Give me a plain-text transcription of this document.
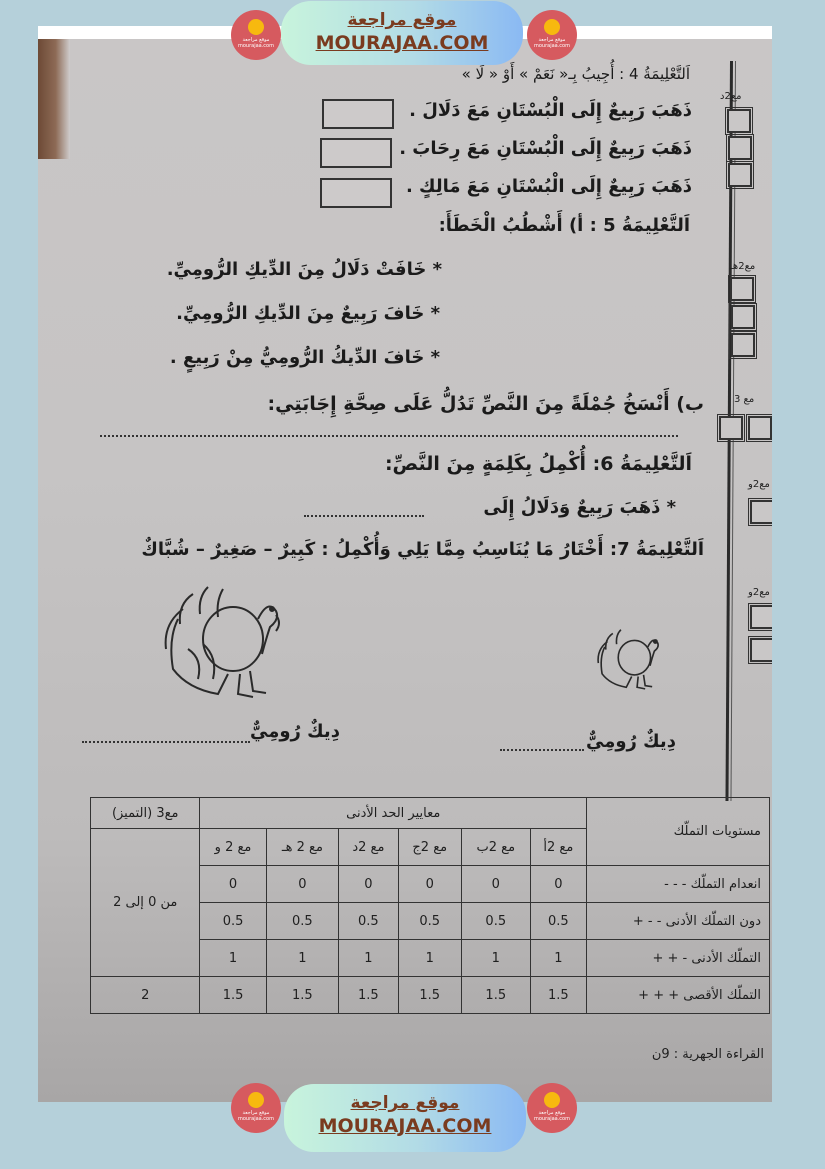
اَلتَّعْلِيمَةُ 4 : أُجِيبُ بِـ« نَعَمْ » أَوْ « لَا »
ذَهَبَ رَبِيعٌ إِلَى الْبُسْتَانِ مَعَ دَلَالَ .
ذَهَبَ رَبِيعٌ إِلَى الْبُسْتَانِ مَعَ رِحَابَ .
ذَهَبَ رَبِيعٌ إِلَى الْبُسْتَانِ مَعَ مَالِكٍ .
مع2د
اَلتَّعْلِيمَةُ 5 : أ) أَشْطُبُ الْخَطَأَ:
* خَافَتْ دَلَالُ مِنَ الدِّيكِ الرُّومِيِّ.
* خَافَ رَبِيعٌ مِنَ الدِّيكِ الرُّومِيِّ.
* خَافَ الدِّيكُ الرُّومِيُّ مِنْ رَبِيعٍ .
ب) أَنْسَخُ جُمْلَةً مِنَ النَّصِّ تَدُلُّ عَلَى صِحَّةِ إِجَابَتِي:
مع2هـ
مع 3
اَلتَّعْلِيمَةُ 6: أُكْمِلُ بِكَلِمَةٍ مِنَ النَّصِّ:
* ذَهَبَ رَبِيعٌ وَدَلَالُ إِلَى
مع2و
اَلتَّعْلِيمَةُ 7: أَخْتَارُ مَا يُنَاسِبُ مِمَّا يَلِي وَأُكْمِلُ : كَبِيرٌ – صَغِيرٌ – شُبَّاكٌ
مع2و
دِيكٌ رُومِيٌّ	دِيكٌ رُومِيٌّ
مستويات التملّك	معايير الحد الأدنى						مع3 (التميز)
	مع 2أ	مع 2ب	مع 2ج	مع 2د	مع 2 هـ	مع 2 و	من 0 إلى 2
انعدام التملّك - - -	0	0	0	0	0	0	
دون التملّك الأدنى - - +	0.5	0.5	0.5	0.5	0.5	0.5	
التملّك الأدنى - + +	1	1	1	1	1	1	
التملّك الأقصى + + +	1.5	1.5	1.5	1.5	1.5	1.5	2
القراءة الجهرية : 9ن
موقع مراجعة mourajaa.com
موقع مراجعة
MOURAJAA.COM	موقع مراجعة mourajaa.com
موقع مراجعة mourajaa.com
موقع مراجعة
MOURAJAA.COM
موقع مراجعة mourajaa.com
